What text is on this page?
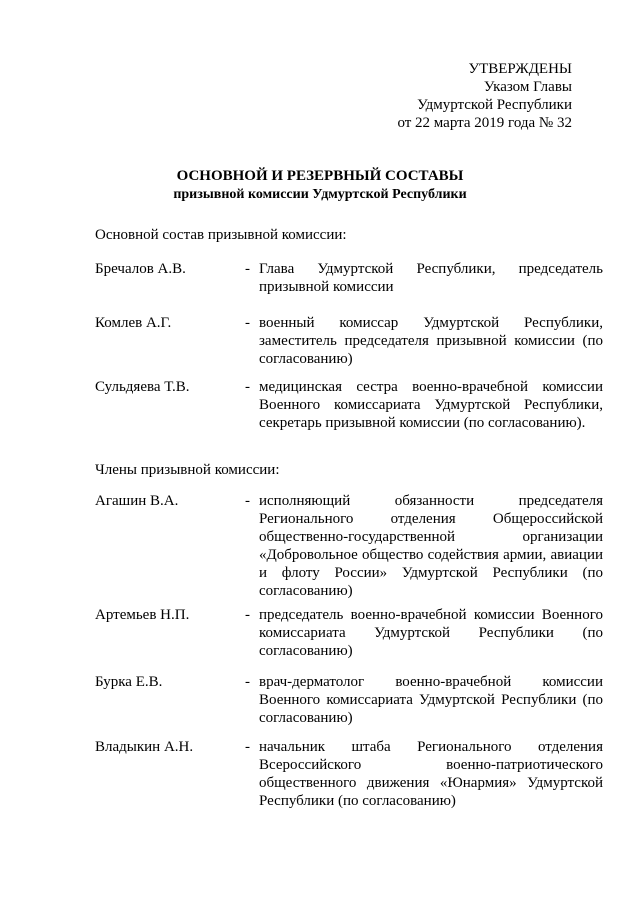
УТВЕРЖДЕНЫ
Указом Главы
Удмуртской Республики
от 22 марта 2019 года № 32
ОСНОВНОЙ И РЕЗЕРВНЫЙ СОСТАВЫ
призывной комиссии Удмуртской Республики
Основной состав призывной комиссии:
Бречалов А.В.	- Глава Удмуртской Республики, председатель призывной комиссии
Комлев А.Г.	- военный комиссар Удмуртской Республики, заместитель председателя призывной комиссии (по согласованию)
Сульдяева Т.В.	- медицинская сестра военно-врачебной комиссии Военного комиссариата Удмуртской Республики, секретарь призывной комиссии (по согласованию).
Члены призывной комиссии:
Агашин В.А.	- исполняющий обязанности председателя Регионального отделения Общероссийской общественно-государственной организации «Добровольное общество содействия армии, авиации и флоту России» Удмуртской Республики (по согласованию)
Артемьев Н.П.	- председатель военно-врачебной комиссии Военного комиссариата Удмуртской Республики (по согласованию)
Бурка Е.В.	- врач-дерматолог военно-врачебной комиссии Военного комиссариата Удмуртской Республики (по согласованию)
Владыкин А.Н.	- начальник штаба Регионального отделения Всероссийского военно-патриотического общественного движения «Юнармия» Удмуртской Республики (по согласованию)
